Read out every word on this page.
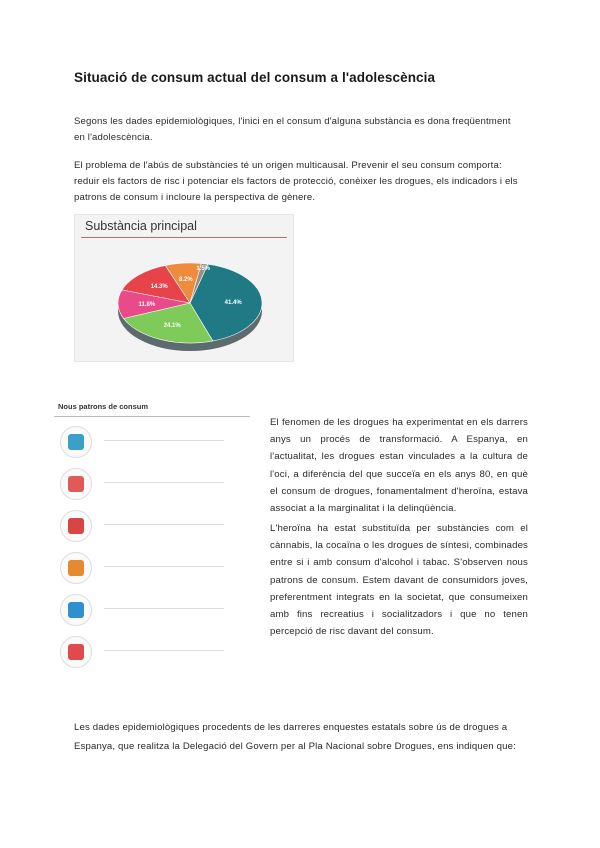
Situació de consum actual del consum a l'adolescència
Segons les dades epidemiològiques, l'inici en el consum d'alguna substància es dona freqüentment en l'adolescència.
El problema de l'abús de substàncies té un origen multicausal. Prevenir el seu consum comporta: reduir els factors de risc i potenciar els factors de protecció, conèixer les drogues, els indicadors i els patrons de consum i incloure la perspectiva de gènere.
41.4%
24.1%
11.8%
14.3%
8.2%
1.5%
Substància principal
Nous patrons de consum
El fenomen de les drogues ha experimentat en els darrers anys un procés de transformació. A Espanya, en l'actualitat, les drogues estan vinculades a la cultura de l'oci, a diferència del que succeïa en els anys 80, en què el consum de drogues, fonamentalment d'heroïna, estava associat a la marginalitat i la delinqüència.
L'heroïna ha estat substituïda per substàncies com el cànnabis, la cocaïna o les drogues de síntesi, combinades entre si i amb consum d'alcohol i tabac. S'observen nous patrons de consum. Estem davant de consumidors joves, preferentment integrats en la societat, que consumeixen amb fins recreatius i socialitzadors i que no tenen percepció de risc davant del consum.
Les dades epidemiològiques procedents de les darreres enquestes estatals sobre ús de drogues a Espanya, que realitza la Delegació del Govern per al Pla Nacional sobre Drogues, ens indiquen que:
